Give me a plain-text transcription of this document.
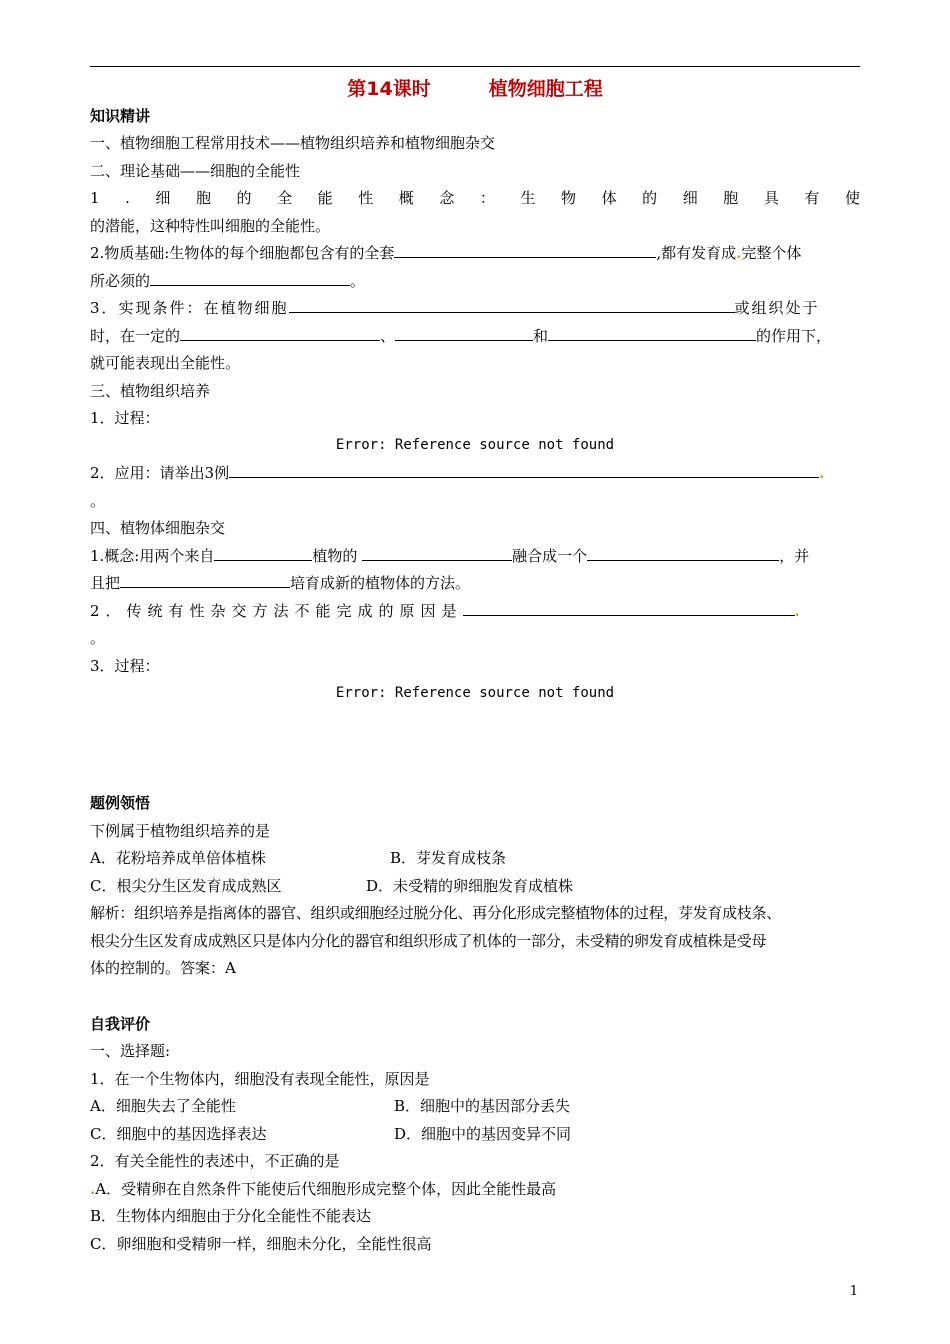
第14课时	植物细胞工程
知识精讲
一、植物细胞工程常用技术——植物组织培养和植物细胞杂交
二、理论基础——细胞的全能性
1 . 细 胞 的 全 能 性 概 念 ： 生 物 体 的 细 胞 具 有 使
的潜能，这种特性叫细胞的全能性。
2.物质基础:生物体的每个细胞都包含有的全套	,都有发育成.完整个体
所必须的	。
3．实现条件：在植物细胞	或组织处于
时，在一定的	、	和	的作用下，
就可能表现出全能性。
三、植物组织培养
1．过程：
Error: Reference source not found
2．应用：请举出3例	.
。
四、植物体细胞杂交
1.概念:用两个来自	植物的	融合成一个	，并
且把	培育成新的植物体的方法。
2．传统有性杂交方法不能完成的原因是	.
。
3．过程：
Error: Reference source not found
题例领悟
下例属于植物组织培养的是
A．花粉培养成单倍体植株	B．芽发育成枝条
C．根尖分生区发育成成熟区	D．未受精的卵细胞发育成植株
解析：组织培养是指离体的器官、组织或细胞经过脱分化、再分化形成完整植物体的过程，芽发育成枝条、
根尖分生区发育成成熟区只是体内分化的器官和组织形成了机体的一部分，未受精的卵发育成植株是受母
体的控制的。答案：A
自我评价
一、选择题:
1．在一个生物体内，细胞没有表现全能性，原因是
A．细胞失去了全能性	B．细胞中的基因部分丢失
C．细胞中的基因选择表达	D．细胞中的基因变异不同
2．有关全能性的表述中，不正确的是
.A．受精卵在自然条件下能使后代细胞形成完整个体，因此全能性最高
B．生物体内细胞由于分化全能性不能表达
C．卵细胞和受精卵一样，细胞未分化，全能性很高
1
